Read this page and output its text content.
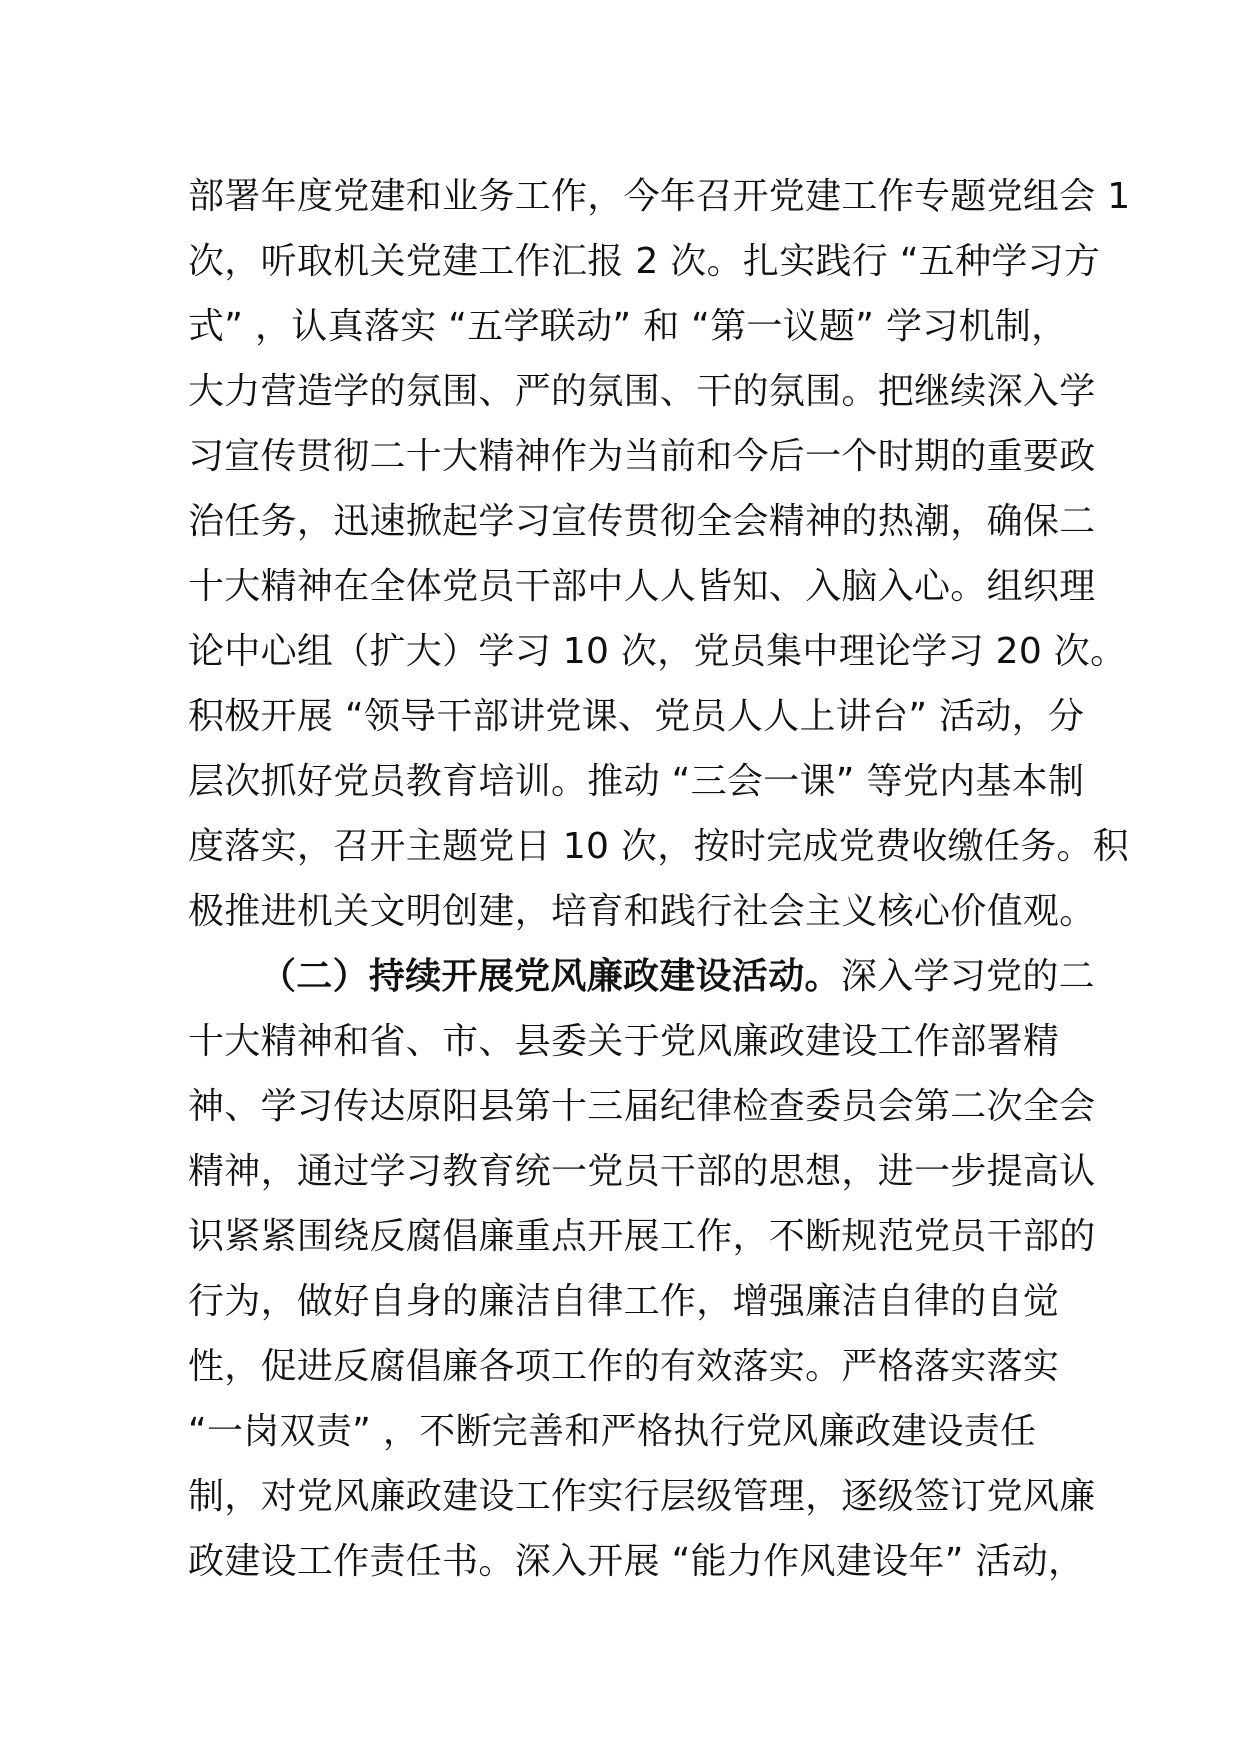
部署年度党建和业务工作，今年召开党建工作专题党组会 1
次，听取机关党建工作汇报 2 次。扎实践行 “五种学习方
式” ，认真落实 “五学联动” 和 “第一议题” 学习机制，
大力营造学的氛围、严的氛围、干的氛围。把继续深入学
习宣传贯彻二十大精神作为当前和今后一个时期的重要政
治任务，迅速掀起学习宣传贯彻全会精神的热潮，确保二
十大精神在全体党员干部中人人皆知、入脑入心。组织理
论中心组（扩大）学习 10 次，党员集中理论学习 20 次。
积极开展 “领导干部讲党课、党员人人上讲台” 活动，分
层次抓好党员教育培训。推动 “三会一课” 等党内基本制
度落实，召开主题党日 10 次，按时完成党费收缴任务。积
极推进机关文明创建，培育和践行社会主义核心价值观。
（二）持续开展党风廉政建设活动。深入学习党的二
十大精神和省、市、县委关于党风廉政建设工作部署精
神、学习传达原阳县第十三届纪律检查委员会第二次全会
精神，通过学习教育统一党员干部的思想，进一步提高认
识紧紧围绕反腐倡廉重点开展工作，不断规范党员干部的
行为，做好自身的廉洁自律工作，增强廉洁自律的自觉
性，促进反腐倡廉各项工作的有效落实。严格落实落实
“一岗双责” ，不断完善和严格执行党风廉政建设责任
制，对党风廉政建设工作实行层级管理，逐级签订党风廉
政建设工作责任书。深入开展 “能力作风建设年” 活动，
